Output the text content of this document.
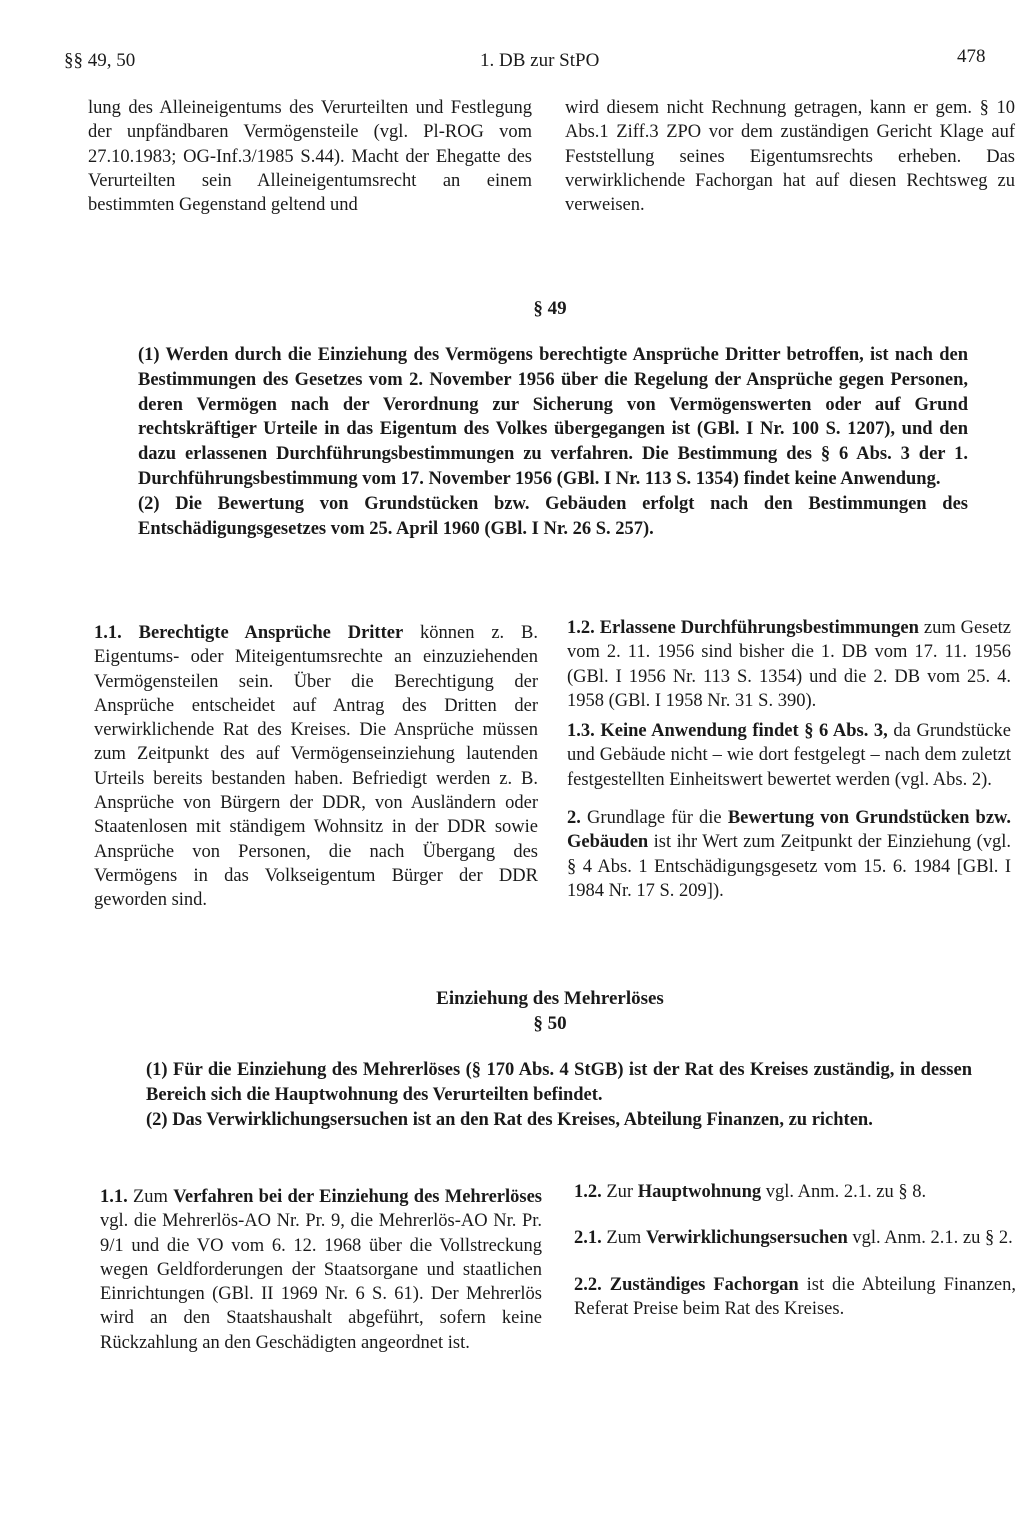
§§ 49, 50	1. DB zur StPO	478

lung des Alleineigentums des Verurteilten und Festlegung der unpfändbaren Vermögensteile (vgl. Pl-ROG vom 27.10.1983; OG-Inf.3/1985 S.44). Macht der Ehegatte des Verurteilten sein Alleineigentumsrecht an einem bestimmten Gegenstand geltend und

wird diesem nicht Rechnung getragen, kann er gem. § 10 Abs.1 Ziff.3 ZPO vor dem zuständigen Gericht Klage auf Feststellung seines Eigentumsrechts erheben. Das verwirklichende Fachorgan hat auf diesen Rechtsweg zu verweisen.

§ 49

(1) Werden durch die Einziehung des Vermögens berechtigte Ansprüche Dritter betroffen, ist nach den Bestimmungen des Gesetzes vom 2. November 1956 über die Regelung der Ansprüche gegen Personen, deren Vermögen nach der Verordnung zur Sicherung von Vermögenswerten oder auf Grund rechtskräftiger Urteile in das Eigentum des Volkes übergegangen ist (GBl. I Nr. 100 S. 1207), und den dazu erlassenen Durchführungsbestimmungen zu verfahren. Die Bestimmung des § 6 Abs. 3 der 1. Durchführungsbestimmung vom 17. November 1956 (GBl. I Nr. 113 S. 1354) findet keine Anwendung.

(2) Die Bewertung von Grundstücken bzw. Gebäuden erfolgt nach den Bestimmungen des Entschädigungsgesetzes vom 25. April 1960 (GBl. I Nr. 26 S. 257).

1.1. Berechtigte Ansprüche Dritter können z. B. Eigentums- oder Miteigentumsrechte an einzuziehenden Vermögensteilen sein. Über die Berechtigung der Ansprüche entscheidet auf Antrag des Dritten der verwirklichende Rat des Kreises. Die Ansprüche müssen zum Zeitpunkt des auf Vermögenseinziehung lautenden Urteils bereits bestanden haben. Befriedigt werden z. B. Ansprüche von Bürgern der DDR, von Ausländern oder Staatenlosen mit ständigem Wohnsitz in der DDR sowie Ansprüche von Personen, die nach Übergang des Vermögens in das Volkseigentum Bürger der DDR geworden sind.

1.2. Erlassene Durchführungsbestimmungen zum Gesetz vom 2. 11. 1956 sind bisher die 1. DB vom 17. 11. 1956 (GBl. I 1956 Nr. 113 S. 1354) und die 2. DB vom 25. 4. 1958 (GBl. I 1958 Nr. 31 S. 390).

1.3. Keine Anwendung findet § 6 Abs. 3, da Grundstücke und Gebäude nicht – wie dort festgelegt – nach dem zuletzt festgestellten Einheitswert bewertet werden (vgl. Abs. 2).

2. Grundlage für die Bewertung von Grundstücken bzw. Gebäuden ist ihr Wert zum Zeitpunkt der Einziehung (vgl. § 4 Abs. 1 Entschädigungsgesetz vom 15. 6. 1984 [GBl. I 1984 Nr. 17 S. 209]).

Einziehung des Mehrerlöses
§ 50

(1) Für die Einziehung des Mehrerlöses (§ 170 Abs. 4 StGB) ist der Rat des Kreises zuständig, in dessen Bereich sich die Hauptwohnung des Verurteilten befindet.

(2) Das Verwirklichungsersuchen ist an den Rat des Kreises, Abteilung Finanzen, zu richten.

1.1. Zum Verfahren bei der Einziehung des Mehrerlöses vgl. die Mehrerlös-AO Nr. Pr. 9, die Mehrerlös-AO Nr. Pr. 9/1 und die VO vom 6. 12. 1968 über die Vollstreckung wegen Geldforderungen der Staatsorgane und staatlichen Einrichtungen (GBl. II 1969 Nr. 6 S. 61). Der Mehrerlös wird an den Staatshaushalt abgeführt, sofern keine Rückzahlung an den Geschädigten angeordnet ist.

1.2. Zur Hauptwohnung vgl. Anm. 2.1. zu § 8.

2.1. Zum Verwirklichungsersuchen vgl. Anm. 2.1. zu § 2.

2.2. Zuständiges Fachorgan ist die Abteilung Finanzen, Referat Preise beim Rat des Kreises.
